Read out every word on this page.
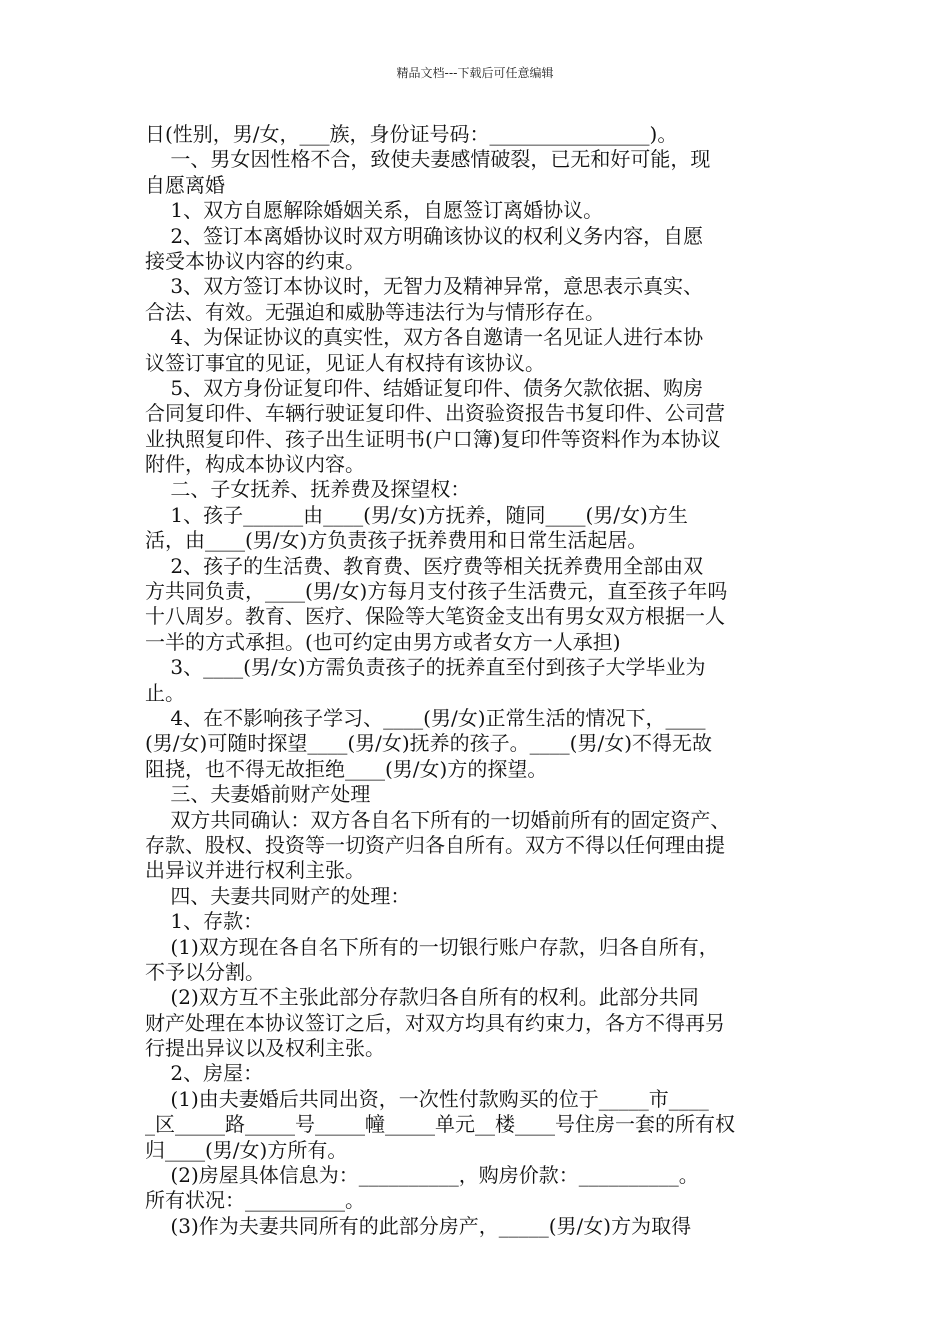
精品文档---下载后可任意编辑
日(性别，男/女，___族，身份证号码：________________)。
一、男女因性格不合，致使夫妻感情破裂，已无和好可能，现
自愿离婚
1、双方自愿解除婚姻关系，自愿签订离婚协议。
2、签订本离婚协议时双方明确该协议的权利义务内容，自愿
接受本协议内容的约束。
3、双方签订本协议时，无智力及精神异常，意思表示真实、
合法、有效。无强迫和威胁等违法行为与情形存在。
4、为保证协议的真实性，双方各自邀请一名见证人进行本协
议签订事宜的见证，见证人有权持有该协议。
5、双方身份证复印件、结婚证复印件、债务欠款依据、购房
合同复印件、车辆行驶证复印件、出资验资报告书复印件、公司营
业执照复印件、孩子出生证明书(户口簿)复印件等资料作为本协议
附件，构成本协议内容。
二、子女抚养、抚养费及探望权：
1、孩子______由____(男/女)方抚养，随同____(男/女)方生
活，由____(男/女)方负责孩子抚养费用和日常生活起居。
2、孩子的生活费、教育费、医疗费等相关抚养费用全部由双
方共同负责，____(男/女)方每月支付孩子生活费元，直至孩子年吗
十八周岁。教育、医疗、保险等大笔资金支出有男女双方根据一人
一半的方式承担。(也可约定由男方或者女方一人承担)
3、____(男/女)方需负责孩子的抚养直至付到孩子大学毕业为
止。
4、在不影响孩子学习、____(男/女)正常生活的情况下，____
(男/女)可随时探望____(男/女)抚养的孩子。____(男/女)不得无故
阻挠，也不得无故拒绝____(男/女)方的探望。
三、夫妻婚前财产处理
双方共同确认：双方各自名下所有的一切婚前所有的固定资产、
存款、股权、投资等一切资产归各自所有。双方不得以任何理由提
出异议并进行权利主张。
四、夫妻共同财产的处理：
1、存款：
(1)双方现在各自名下所有的一切银行账户存款，归各自所有，
不予以分割。
(2)双方互不主张此部分存款归各自所有的权利。此部分共同
财产处理在本协议签订之后，对双方均具有约束力，各方不得再另
行提出异议以及权利主张。
2、房屋：
(1)由夫妻婚后共同出资，一次性付款购买的位于_____市____
_区_____路_____号_____幢_____单元__楼____号住房一套的所有权
归____(男/女)方所有。
(2)房屋具体信息为：__________，购房价款：__________。
所有状况：__________。
(3)作为夫妻共同所有的此部分房产，_____(男/女)方为取得
